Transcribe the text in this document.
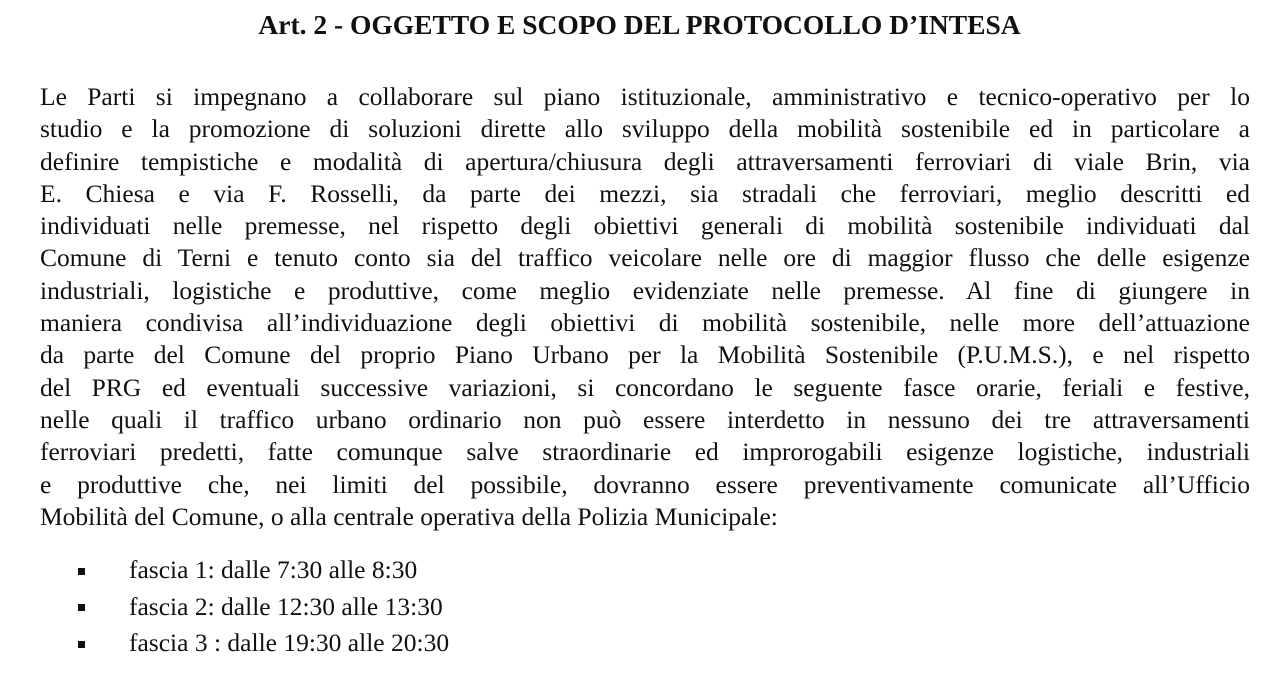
Art. 2 - OGGETTO E SCOPO DEL PROTOCOLLO D’INTESA
Le Parti si impegnano a collaborare sul piano istituzionale, amministrativo e tecnico-operativo per lo
studio e la promozione di soluzioni dirette allo sviluppo della mobilità sostenibile ed in particolare a
definire tempistiche e modalità di apertura/chiusura degli attraversamenti ferroviari di viale Brin, via
E. Chiesa e via F. Rosselli, da parte dei mezzi, sia stradali che ferroviari, meglio descritti ed
individuati nelle premesse, nel rispetto degli obiettivi generali di mobilità sostenibile individuati dal
Comune di Terni e tenuto conto sia del traffico veicolare nelle ore di maggior flusso che delle esigenze
industriali, logistiche e produttive, come meglio evidenziate nelle premesse. Al fine di giungere in
maniera condivisa all’individuazione degli obiettivi di mobilità sostenibile, nelle more dell’attuazione
da parte del Comune del proprio Piano Urbano per la Mobilità Sostenibile (P.U.M.S.), e nel rispetto
del PRG ed eventuali successive variazioni, si concordano le seguente fasce orarie, feriali e festive,
nelle quali il traffico urbano ordinario non può essere interdetto in nessuno dei tre attraversamenti
ferroviari predetti, fatte comunque salve straordinarie ed improrogabili esigenze logistiche, industriali
e produttive che, nei limiti del possibile, dovranno essere preventivamente comunicate all’Ufficio
Mobilità del Comune, o alla centrale operativa della Polizia Municipale:
fascia 1: dalle 7:30 alle 8:30
fascia 2: dalle 12:30 alle 13:30
fascia 3 : dalle 19:30 alle 20:30
